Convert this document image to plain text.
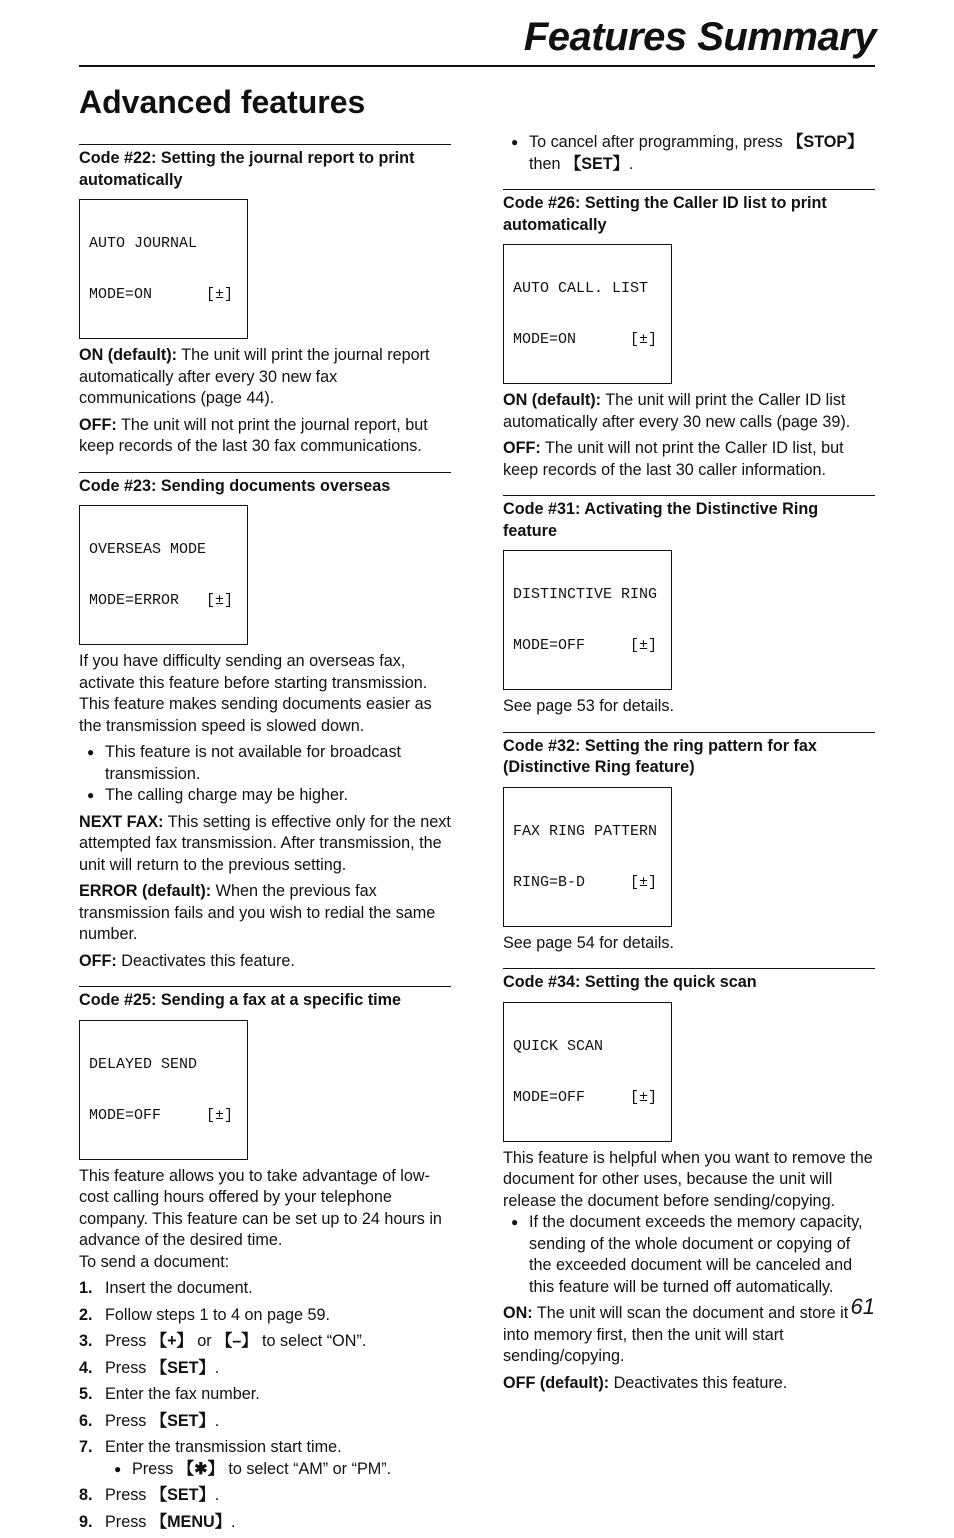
Features Summary
Advanced features
Code #22: Setting the journal report to print automatically

AUTO JOURNAL

MODE=ON      [±]

ON (default): The unit will print the journal report automatically after every 30 new fax communications (page 44).

OFF: The unit will not print the journal report, but keep records of the last 30 fax communications.

Code #23: Sending documents overseas

OVERSEAS MODE

MODE=ERROR   [±]

If you have difficulty sending an overseas fax, activate this feature before starting transmission. This feature makes sending documents easier as the transmission speed is slowed down.

● This feature is not available for broadcast transmission.
● The calling charge may be higher.

NEXT FAX: This setting is effective only for the next attempted fax transmission. After transmission, the unit will return to the previous setting.

ERROR (default): When the previous fax transmission fails and you wish to redial the same number.

OFF: Deactivates this feature.

Code #25: Sending a fax at a specific time

DELAYED SEND

MODE=OFF     [±]

This feature allows you to take advantage of low-cost calling hours offered by your telephone company. This feature can be set up to 24 hours in advance of the desired time.

To send a document:

1. Insert the document.
2. Follow steps 1 to 4 on page 59.
3. Press 【+】 or 【–】 to select “ON”.
4. Press 【SET】.
5. Enter the fax number.
6. Press 【SET】.
7. Enter the transmission start time.
● Press 【✱】 to select “AM” or “PM”.
8. Press 【SET】.
9. Press 【MENU】.
● To cancel after programming, press 【STOP】 then 【SET】.
Code #26: Setting the Caller ID list to print automatically

AUTO CALL. LIST

MODE=ON      [±]

ON (default): The unit will print the Caller ID list automatically after every 30 new calls (page 39).

OFF: The unit will not print the Caller ID list, but keep records of the last 30 caller information.

Code #31: Activating the Distinctive Ring feature

DISTINCTIVE RING

MODE=OFF     [±]

See page 53 for details.

Code #32: Setting the ring pattern for fax (Distinctive Ring feature)

FAX RING PATTERN

RING=B-D     [±]

See page 54 for details.

Code #34: Setting the quick scan

QUICK SCAN

MODE=OFF     [±]

This feature is helpful when you want to remove the document for other uses, because the unit will release the document before sending/copying.

● If the document exceeds the memory capacity, sending of the whole document or copying of the exceeded document will be canceled and this feature will be turned off automatically.

ON: The unit will scan the document and store it into memory first, then the unit will start sending/copying.

OFF (default): Deactivates this feature.

61
